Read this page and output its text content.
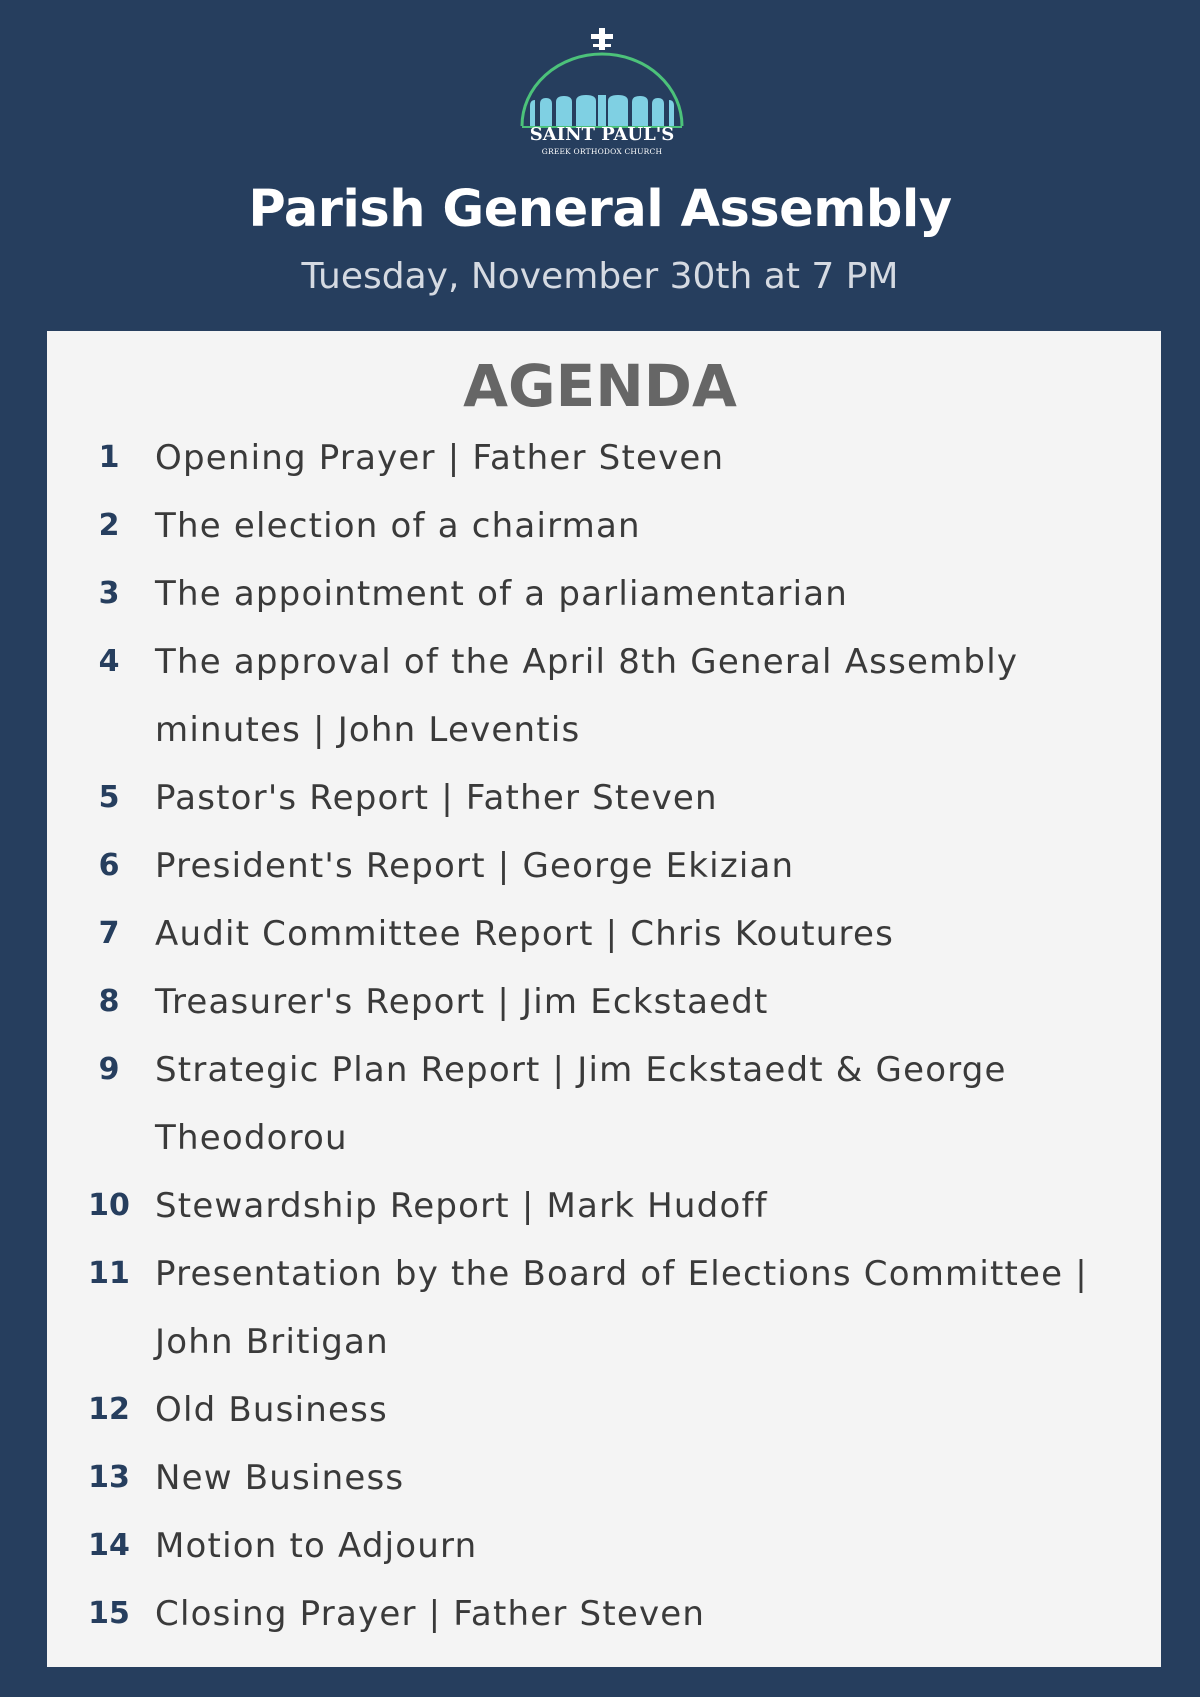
SAINT PAUL'S
GREEK ORTHODOX CHURCH
Parish General Assembly
Tuesday, November 30th at 7 PM
AGENDA
1	Opening Prayer | Father Steven
2	The election of a chairman
3	The appointment of a parliamentarian
4	The approval of the April 8th General Assembly
minutes | John Leventis
5	Pastor's Report | Father Steven
6	President's Report | George Ekizian
7	Audit Committee Report | Chris Koutures
8	Treasurer's Report | Jim Eckstaedt
9	Strategic Plan Report | Jim Eckstaedt & George
Theodorou
10 Stewardship Report | Mark Hudoff
11 Presentation by the Board of Elections Committee |
John Britigan
12 Old Business
13 New Business
14 Motion to Adjourn
15 Closing Prayer | Father Steven
